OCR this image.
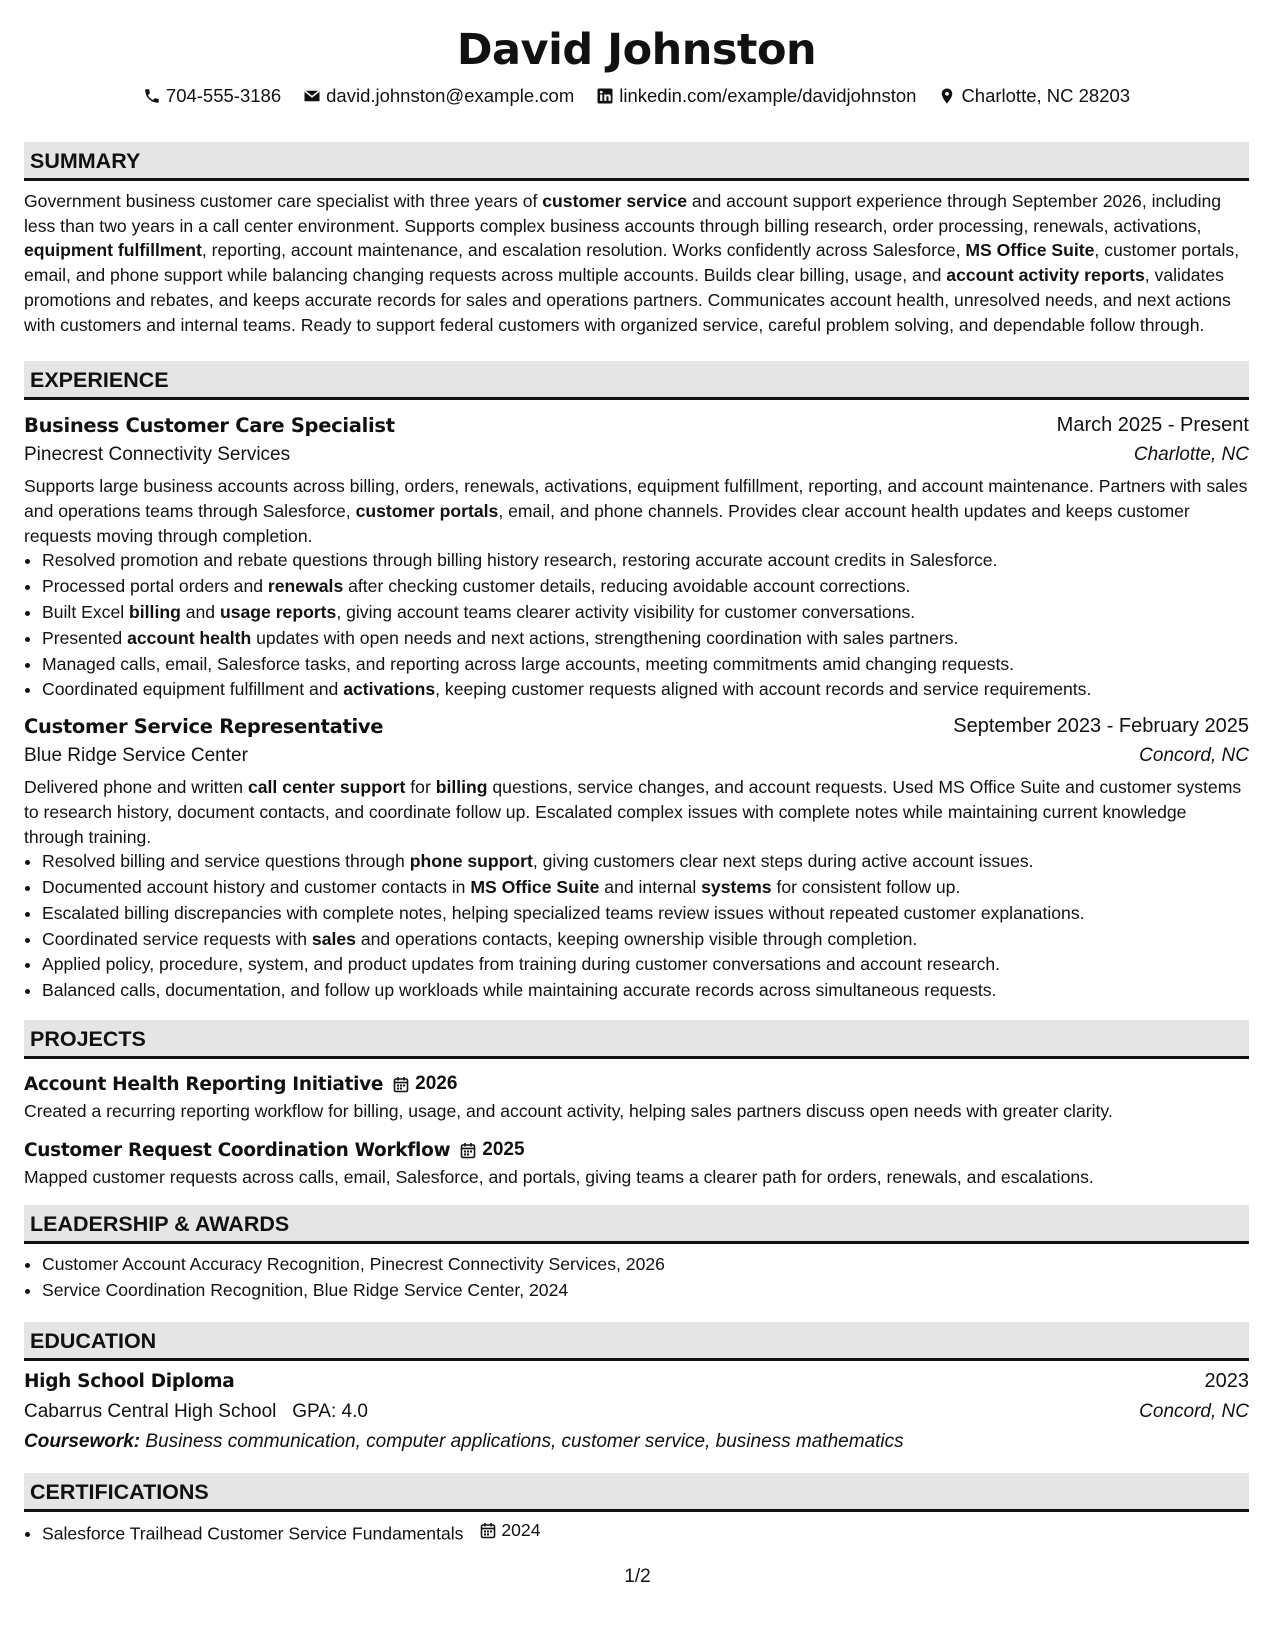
David Johnston
704-555-3186 david.johnston@example.com linkedin.com/example/davidjohnston Charlotte, NC 28203
SUMMARY
Government business customer care specialist with three years of customer service and account support experience through September 2026, including less than two years in a call center environment. Supports complex business accounts through billing research, order processing, renewals, activations, equipment fulfillment, reporting, account maintenance, and escalation resolution. Works confidently across Salesforce, MS Office Suite, customer portals, email, and phone support while balancing changing requests across multiple accounts. Builds clear billing, usage, and account activity reports, validates promotions and rebates, and keeps accurate records for sales and operations partners. Communicates account health, unresolved needs, and next actions with customers and internal teams. Ready to support federal customers with organized service, careful problem solving, and dependable follow through.
EXPERIENCE
Business Customer Care Specialist	March 2025 - Present
Pinecrest Connectivity Services	Charlotte, NC
Supports large business accounts across billing, orders, renewals, activations, equipment fulfillment, reporting, and account maintenance. Partners with sales and operations teams through Salesforce, customer portals, email, and phone channels. Provides clear account health updates and keeps customer requests moving through completion.
• Resolved promotion and rebate questions through billing history research, restoring accurate account credits in Salesforce.
• Processed portal orders and renewals after checking customer details, reducing avoidable account corrections.
• Built Excel billing and usage reports, giving account teams clearer activity visibility for customer conversations.
• Presented account health updates with open needs and next actions, strengthening coordination with sales partners.
• Managed calls, email, Salesforce tasks, and reporting across large accounts, meeting commitments amid changing requests.
• Coordinated equipment fulfillment and activations, keeping customer requests aligned with account records and service requirements.
Customer Service Representative	September 2023 - February 2025
Blue Ridge Service Center	Concord, NC
Delivered phone and written call center support for billing questions, service changes, and account requests. Used MS Office Suite and customer systems to research history, document contacts, and coordinate follow up. Escalated complex issues with complete notes while maintaining current knowledge through training.
• Resolved billing and service questions through phone support, giving customers clear next steps during active account issues.
• Documented account history and customer contacts in MS Office Suite and internal systems for consistent follow up.
• Escalated billing discrepancies with complete notes, helping specialized teams review issues without repeated customer explanations.
• Coordinated service requests with sales and operations contacts, keeping ownership visible through completion.
• Applied policy, procedure, system, and product updates from training during customer conversations and account research.
• Balanced calls, documentation, and follow up workloads while maintaining accurate records across simultaneous requests.
PROJECTS
Account Health Reporting Initiative 2026
Created a recurring reporting workflow for billing, usage, and account activity, helping sales partners discuss open needs with greater clarity.
Customer Request Coordination Workflow 2025
Mapped customer requests across calls, email, Salesforce, and portals, giving teams a clearer path for orders, renewals, and escalations.
LEADERSHIP & AWARDS
• Customer Account Accuracy Recognition, Pinecrest Connectivity Services, 2026
• Service Coordination Recognition, Blue Ridge Service Center, 2024
EDUCATION
High School Diploma	2023
Cabarrus Central High School GPA: 4.0	Concord, NC
Coursework: Business communication, computer applications, customer service, business mathematics
CERTIFICATIONS
• Salesforce Trailhead Customer Service Fundamentals 2024
1/2
